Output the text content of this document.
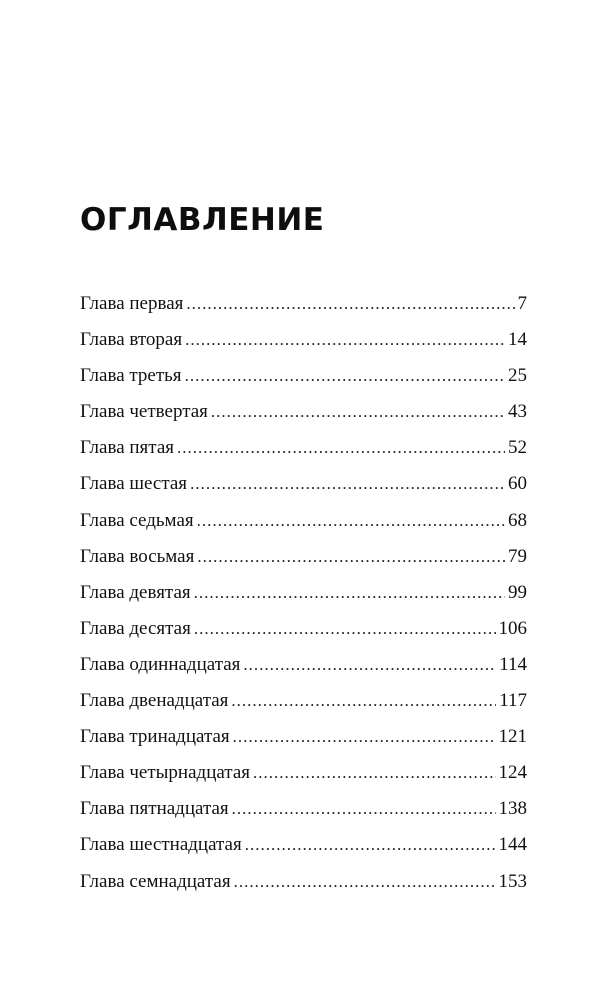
ОГЛАВЛЕНИЕ
Глава первая .....	7
Глава вторая .....	14
Глава третья .....	25
Глава четвертая .....	43
Глава пятая .....	52
Глава шестая .....	60
Глава седьмая .....	68
Глава восьмая .....	79
Глава девятая .....	99
Глава десятая .....	106
Глава одиннадцатая .....	114
Глава двенадцатая .....	117
Глава тринадцатая .....	121
Глава четырнадцатая .....	124
Глава пятнадцатая .....	138
Глава шестнадцатая .....	144
Глава семнадцатая .....	153
